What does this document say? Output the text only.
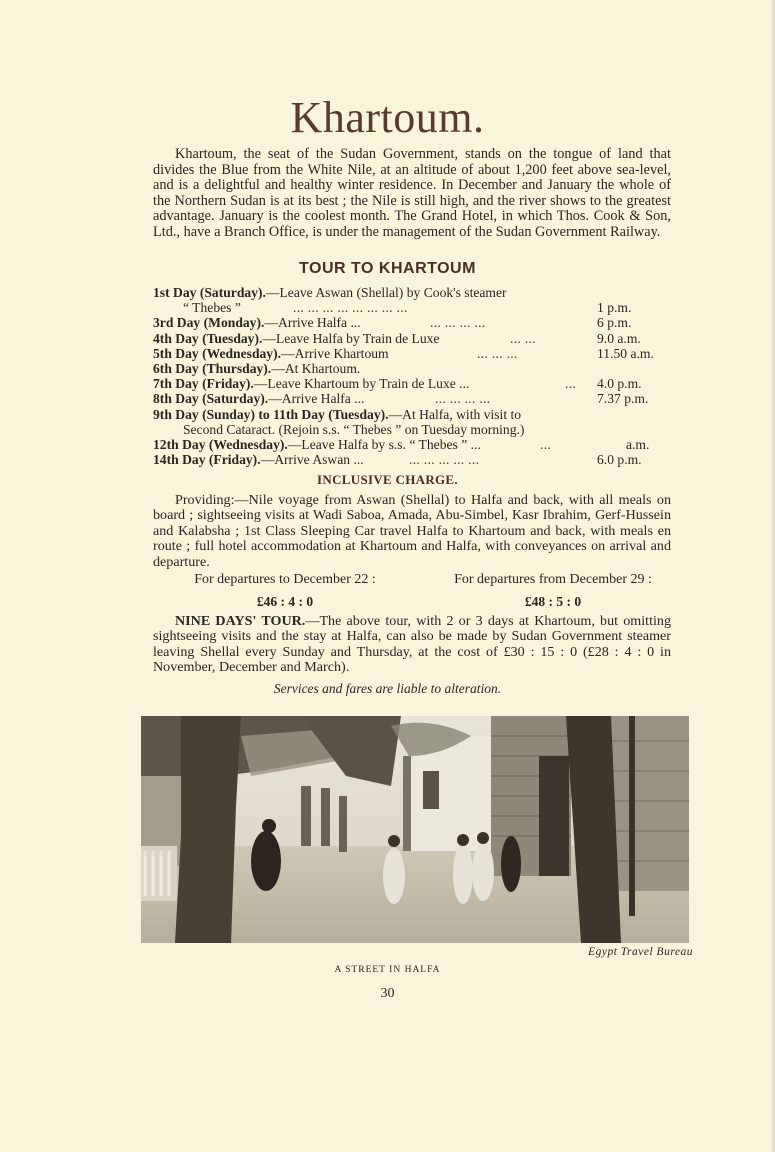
Khartoum.

Khartoum, the seat of the Sudan Government, stands on the tongue of land that divides the Blue from the White Nile, at an altitude of about 1,200 feet above sea-level, and is a delightful and healthy winter residence. In December and January the whole of the Northern Sudan is at its best ; the Nile is still high, and the river shows to the greatest advantage. January is the coolest month. The Grand Hotel, in which Thos. Cook & Son, Ltd., have a Branch Office, is under the management of the Sudan Government Railway.

TOUR TO KHARTOUM
1st Day (Saturday).—Leave Aswan (Shellal) by Cook's steamer
“ Thebes ”	... ... ... ... ... ... ... ...	1 p.m.
3rd Day (Monday).—Arrive Halfa ...	... ... ... ...	6 p.m.
4th Day (Tuesday).—Leave Halfa by Train de Luxe	... ...	9.0 a.m.
5th Day (Wednesday).—Arrive Khartoum	... ... ...	11.50 a.m.
6th Day (Thursday).—At Khartoum.
7th Day (Friday).—Leave Khartoum by Train de Luxe ...	... 4.0 p.m.
8th Day (Saturday).—Arrive Halfa ...	... ... ... ...	7.37 p.m.
9th Day (Sunday) to 11th Day (Tuesday).—At Halfa, with visit to
Second Cataract. (Rejoin s.s. “ Thebes ” on Tuesday morning.)
12th Day (Wednesday).—Leave Halfa by s.s. “ Thebes ” ...	...	a.m.
14th Day (Friday).—Arrive Aswan ...	... ... ... ... ...	6.0 p.m.
INCLUSIVE CHARGE.

Providing:—Nile voyage from Aswan (Shellal) to Halfa and back, with all meals on board ; sightseeing visits at Wadi Saboa, Amada, Abu-Simbel, Kasr Ibrahim, Gerf-Hussein and Kalabsha ; 1st Class Sleeping Car travel Halfa to Khartoum and back, with meals en route ; full hotel accommodation at Khartoum and Halfa, with conveyances on arrival and departure.

For departures to December 22 :
£46 : 4 : 0
For departures from December 29 :
£48 : 5 : 0

NINE DAYS' TOUR.—The above tour, with 2 or 3 days at Khartoum, but omitting sightseeing visits and the stay at Halfa, can also be made by Sudan Government steamer leaving Shellal every Sunday and Thursday, at the cost of £30 : 15 : 0 (£28 : 4 : 0 in November, December and March).

Services and fares are liable to alteration.
Egypt Travel Bureau
A STREET IN HALFA
30
